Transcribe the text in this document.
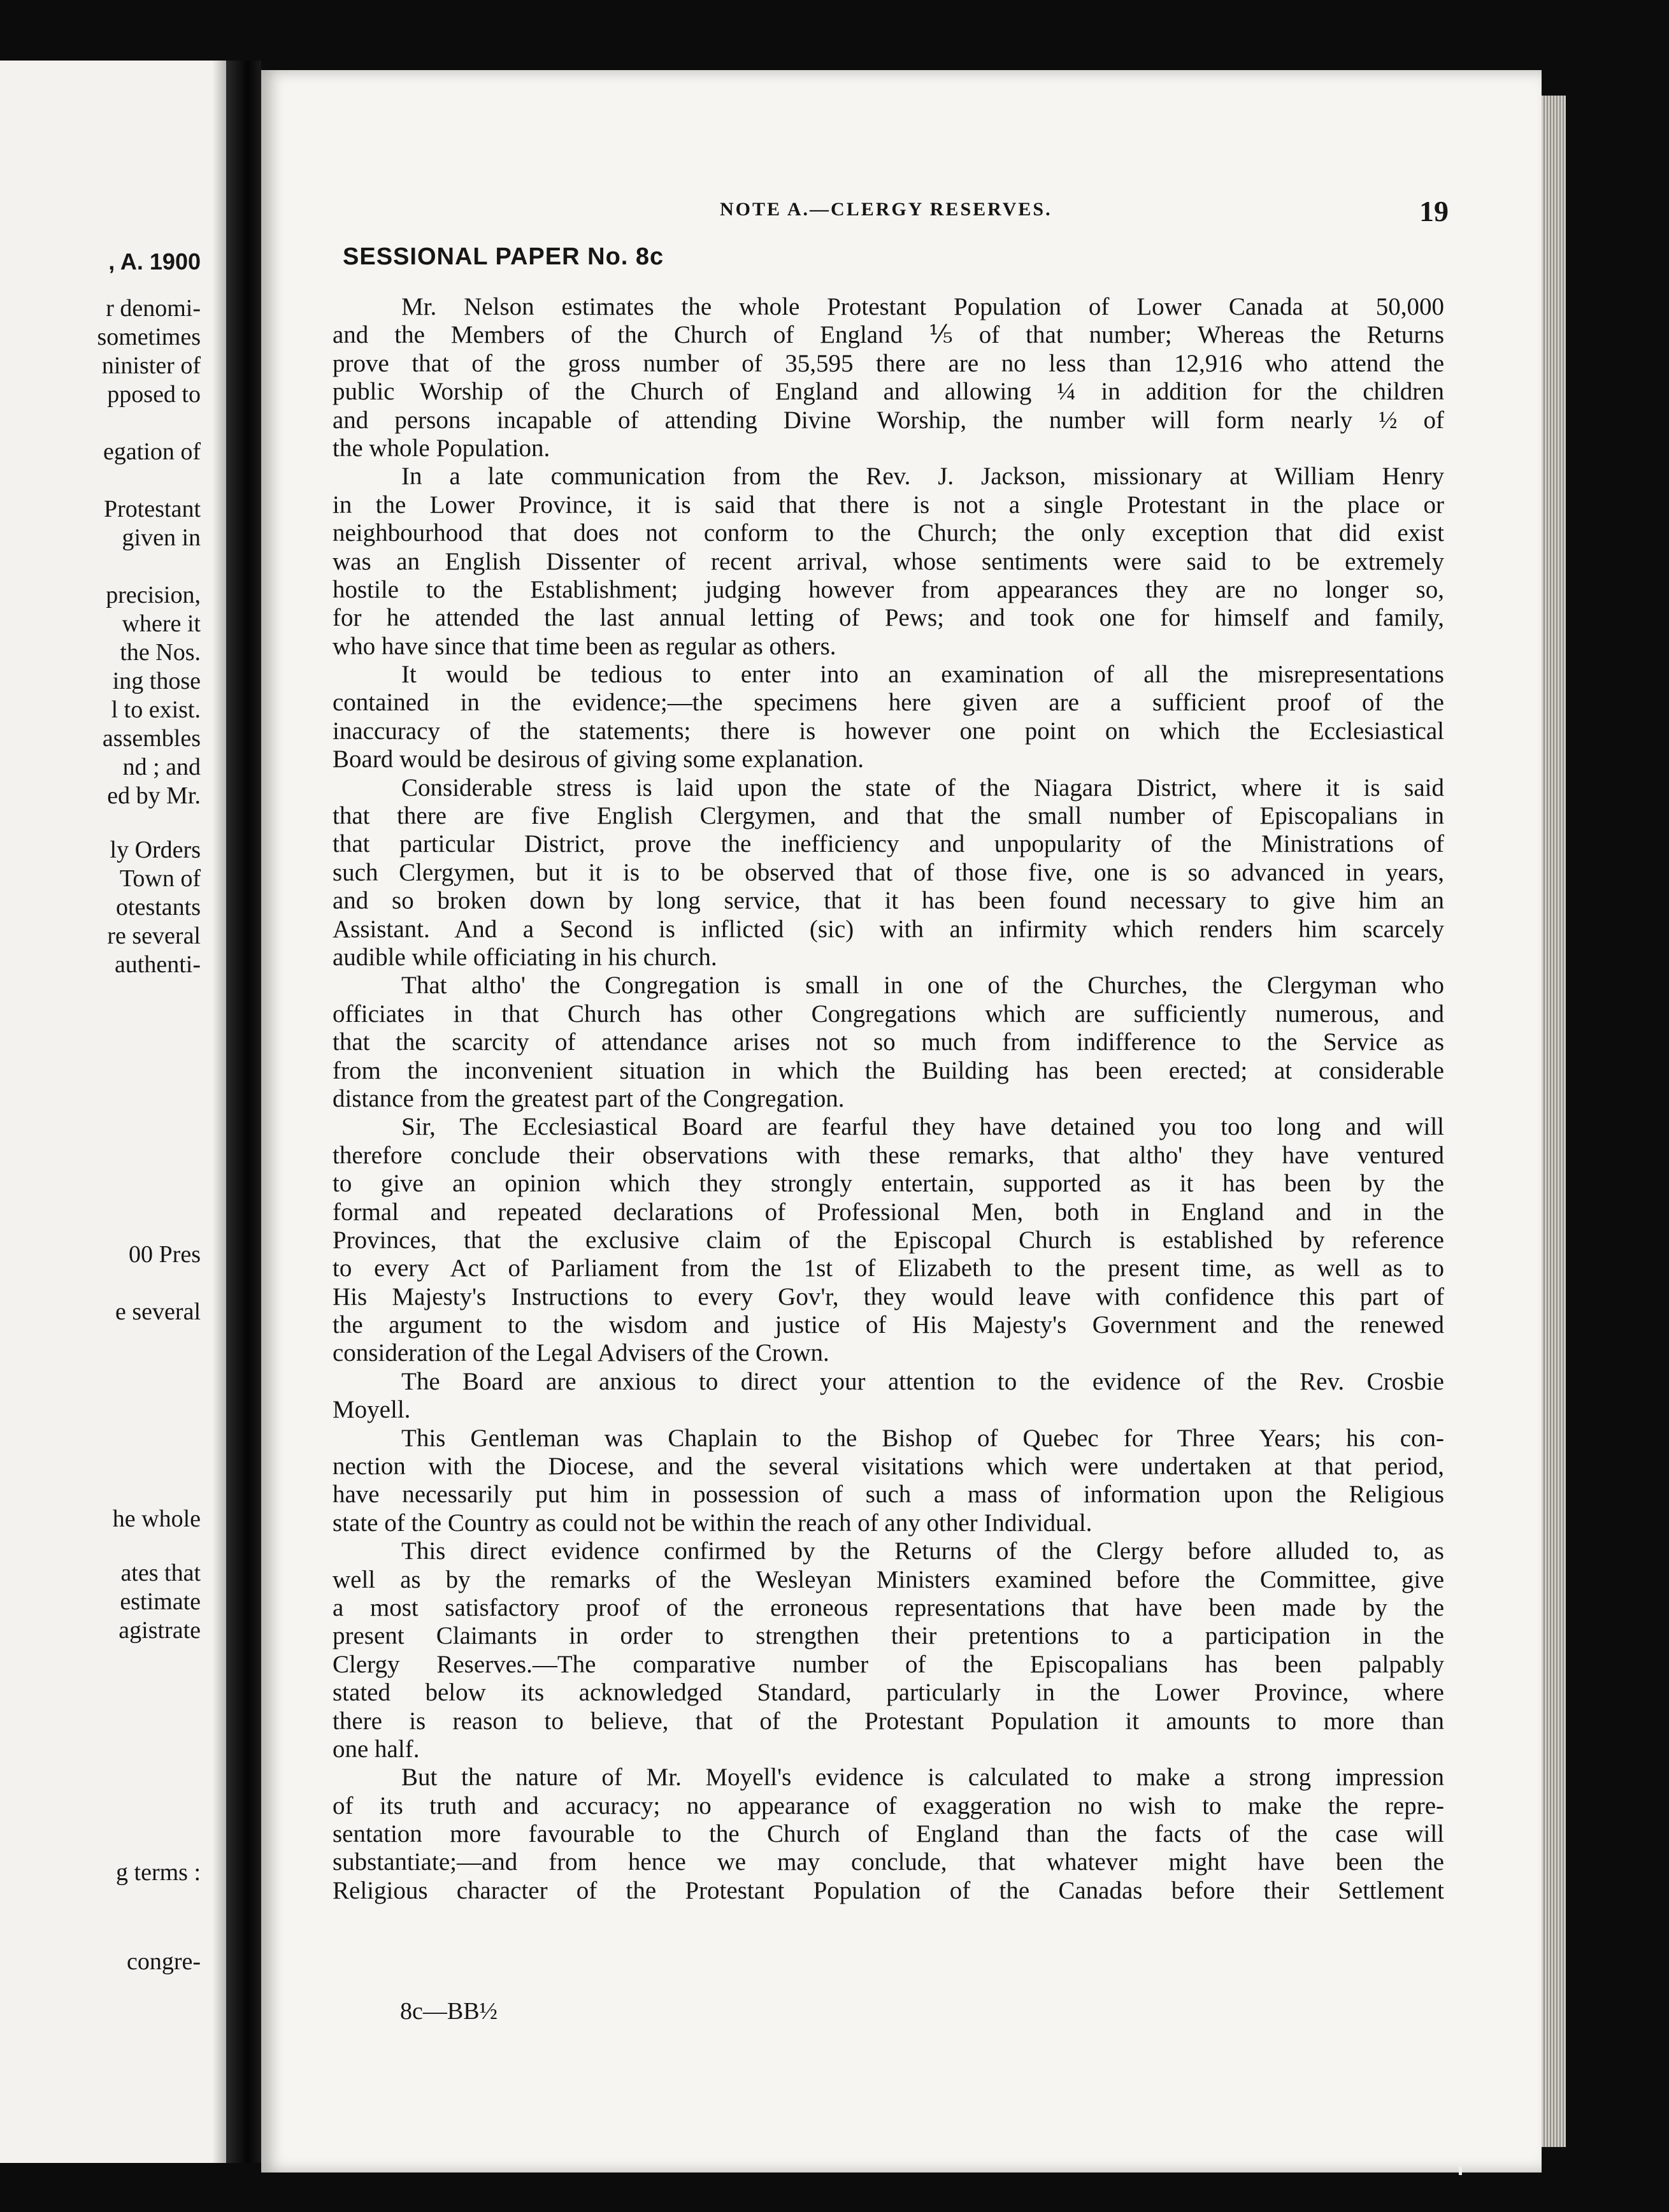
, A. 1900
r denomi-
sometimes
ninister of
pposed to
egation of
Protestant
given in
precision,
where it
the Nos.
ing those
l to exist.
assembles
nd ; and
ed by Mr.
ly Orders
Town of
otestants
re several
authenti-
00 Pres
e several
he whole
ates that
estimate
agistrate
g terms :
congre-
NOTE A.—CLERGY RESERVES.	19
SESSIONAL PAPER No. 8c
Mr. Nelson estimates the whole Protestant Population of Lower Canada at 50,000
and the Members of the Church of England ⅕ of that number; Whereas the Returns
prove that of the gross number of 35,595 there are no less than 12,916 who attend the
public Worship of the Church of England and allowing ¼ in addition for the children
and persons incapable of attending Divine Worship, the number will form nearly ½ of
the whole Population.
In a late communication from the Rev. J. Jackson, missionary at William Henry
in the Lower Province, it is said that there is not a single Protestant in the place or
neighbourhood that does not conform to the Church; the only exception that did exist
was an English Dissenter of recent arrival, whose sentiments were said to be extremely
hostile to the Establishment; judging however from appearances they are no longer so,
for he attended the last annual letting of Pews; and took one for himself and family,
who have since that time been as regular as others.
It would be tedious to enter into an examination of all the misrepresentations
contained in the evidence;—the specimens here given are a sufficient proof of the
inaccuracy of the statements; there is however one point on which the Ecclesiastical
Board would be desirous of giving some explanation.
Considerable stress is laid upon the state of the Niagara District, where it is said
that there are five English Clergymen, and that the small number of Episcopalians in
that particular District, prove the inefficiency and unpopularity of the Ministrations of
such Clergymen, but it is to be observed that of those five, one is so advanced in years,
and so broken down by long service, that it has been found necessary to give him an
Assistant. And a Second is inflicted (sic) with an infirmity which renders him scarcely
audible while officiating in his church.
That altho' the Congregation is small in one of the Churches, the Clergyman who
officiates in that Church has other Congregations which are sufficiently numerous, and
that the scarcity of attendance arises not so much from indifference to the Service as
from the inconvenient situation in which the Building has been erected; at considerable
distance from the greatest part of the Congregation.
Sir, The Ecclesiastical Board are fearful they have detained you too long and will
therefore conclude their observations with these remarks, that altho' they have ventured
to give an opinion which they strongly entertain, supported as it has been by the
formal and repeated declarations of Professional Men, both in England and in the
Provinces, that the exclusive claim of the Episcopal Church is established by reference
to every Act of Parliament from the 1st of Elizabeth to the present time, as well as to
His Majesty's Instructions to every Gov'r, they would leave with confidence this part of
the argument to the wisdom and justice of His Majesty's Government and the renewed
consideration of the Legal Advisers of the Crown.
The Board are anxious to direct your attention to the evidence of the Rev. Crosbie
Moyell.
This Gentleman was Chaplain to the Bishop of Quebec for Three Years; his con-
nection with the Diocese, and the several visitations which were undertaken at that period,
have necessarily put him in possession of such a mass of information upon the Religious
state of the Country as could not be within the reach of any other Individual.
This direct evidence confirmed by the Returns of the Clergy before alluded to, as
well as by the remarks of the Wesleyan Ministers examined before the Committee, give
a most satisfactory proof of the erroneous representations that have been made by the
present Claimants in order to strengthen their pretentions to a participation in the
Clergy Reserves.—The comparative number of the Episcopalians has been palpably
stated below its acknowledged Standard, particularly in the Lower Province, where
there is reason to believe, that of the Protestant Population it amounts to more than
one half.
But the nature of Mr. Moyell's evidence is calculated to make a strong impression
of its truth and accuracy; no appearance of exaggeration no wish to make the repre-
sentation more favourable to the Church of England than the facts of the case will
substantiate;—and from hence we may conclude, that whatever might have been the
Religious character of the Protestant Population of the Canadas before their Settlement
8c—BB½
